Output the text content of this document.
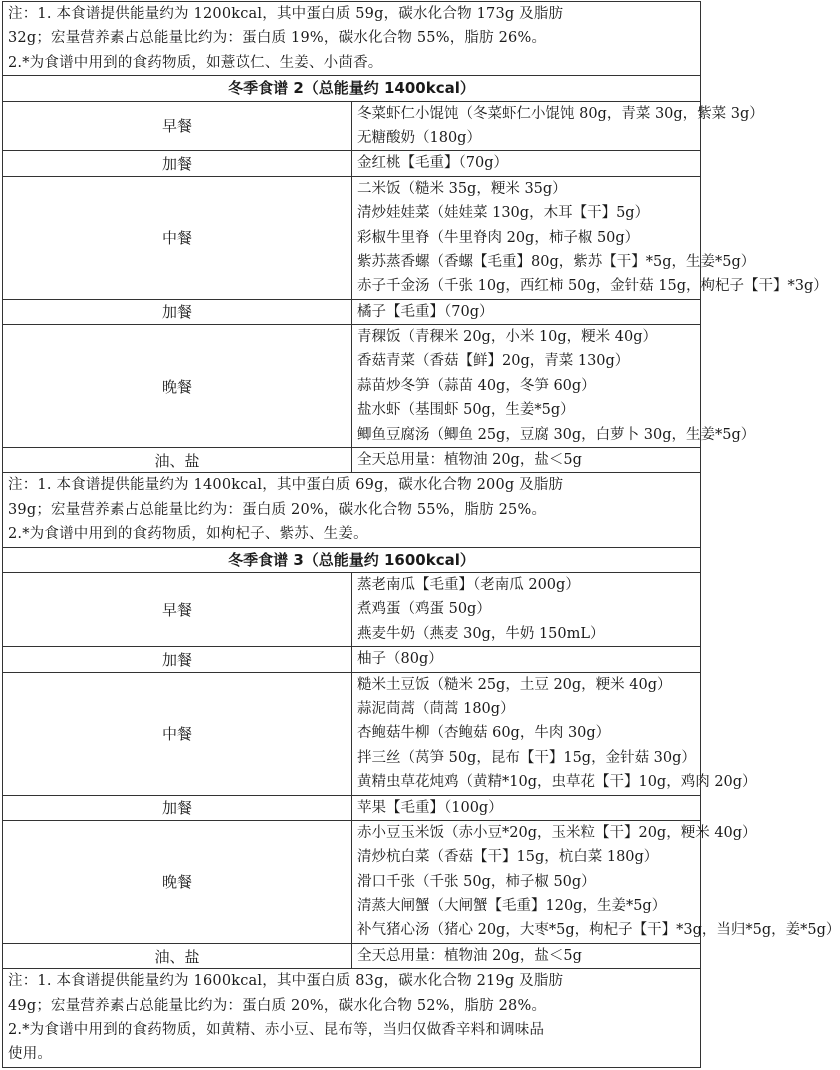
注：1. 本食谱提供能量约为 1200kcal，其中蛋白质 59g，碳水化合物 173g 及脂肪
32g；宏量营养素占总能量比约为：蛋白质 19%，碳水化合物 55%，脂肪 26%。
2.*为食谱中用到的食药物质，如薏苡仁、生姜、小茴香。	

冬季食谱 2（总能量约 1400kcal）	

早餐	冬菜虾仁小馄饨（冬菜虾仁小馄饨 80g，青菜 30g，紫菜 3g）
无糖酸奶（180g）

加餐	金红桃【毛重】（70g）

中餐	二米饭（糙米 35g，粳米 35g）
清炒娃娃菜（娃娃菜 130g，木耳【干】5g）
彩椒牛里脊（牛里脊肉 20g，柿子椒 50g）
紫苏蒸香螺（香螺【毛重】80g，紫苏【干】*5g，生姜*5g）
赤子千金汤（千张 10g，西红柿 50g，金针菇 15g，枸杞子【干】*3g）

加餐	橘子【毛重】（70g）

晚餐	青稞饭（青稞米 20g，小米 10g，粳米 40g）
香菇青菜（香菇【鲜】20g，青菜 130g）
蒜苗炒冬笋（蒜苗 40g，冬笋 60g）
盐水虾（基围虾 50g，生姜*5g）
鲫鱼豆腐汤（鲫鱼 25g，豆腐 30g，白萝卜 30g，生姜*5g）

油、盐	全天总用量：植物油 20g，盐＜5g

注：1. 本食谱提供能量约为 1400kcal，其中蛋白质 69g，碳水化合物 200g 及脂肪
39g；宏量营养素占总能量比约为：蛋白质 20%，碳水化合物 55%，脂肪 25%。
2.*为食谱中用到的食药物质，如枸杞子、紫苏、生姜。	

冬季食谱 3（总能量约 1600kcal）	

早餐	蒸老南瓜【毛重】（老南瓜 200g）
煮鸡蛋（鸡蛋 50g）
燕麦牛奶（燕麦 30g，牛奶 150mL）

加餐	柚子（80g）

中餐	糙米土豆饭（糙米 25g，土豆 20g，粳米 40g）
蒜泥茼蒿（茼蒿 180g）
杏鲍菇牛柳（杏鲍菇 60g，牛肉 30g）
拌三丝（莴笋 50g，昆布【干】15g，金针菇 30g）
黄精虫草花炖鸡（黄精*10g，虫草花【干】10g，鸡肉 20g）

加餐	苹果【毛重】（100g）

晚餐	赤小豆玉米饭（赤小豆*20g，玉米粒【干】20g，粳米 40g）
清炒杭白菜（香菇【干】15g，杭白菜 180g）
滑口千张（千张 50g，柿子椒 50g）
清蒸大闸蟹（大闸蟹【毛重】120g，生姜*5g）
补气猪心汤（猪心 20g，大枣*5g，枸杞子【干】*3g，当归*5g，姜*5g）

油、盐	全天总用量：植物油 20g，盐＜5g

注：1. 本食谱提供能量约为 1600kcal，其中蛋白质 83g，碳水化合物 219g 及脂肪
49g；宏量营养素占总能量比约为：蛋白质 20%，碳水化合物 52%，脂肪 28%。
2.*为食谱中用到的食药物质，如黄精、赤小豆、昆布等，当归仅做香辛料和调味品
使用。	
